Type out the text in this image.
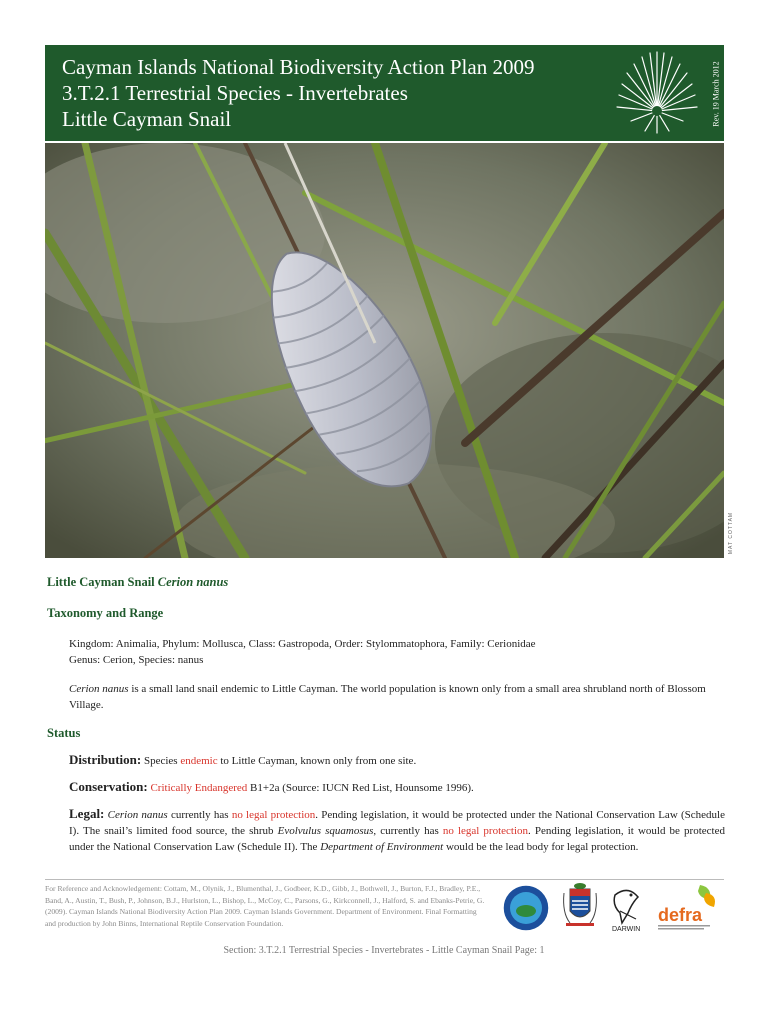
Cayman Islands National Biodiversity Action Plan 2009
3.T.2.1 Terrestrial Species - Invertebrates
Little Cayman Snail	Rev. 19 March 2012
MAT COTTAM
Little Cayman Snail Cerion nanus
Taxonomy and Range
Kingdom: Animalia, Phylum: Mollusca, Class: Gastropoda, Order: Stylommatophora, Family: Cerionidae
Genus: Cerion, Species: nanus
Cerion nanus is a small land snail endemic to Little Cayman. The world population is known only from a small area shrubland north of Blossom Village.
Status
Distribution: Species endemic to Little Cayman, known only from one site.
Conservation: Critically Endangered B1+2a (Source: IUCN Red List, Hounsome 1996).
Legal: Cerion nanus currently has no legal protection. Pending legislation, it would be protected under the National Conservation Law (Schedule I). The snail’s limited food source, the shrub Evolvulus squamosus, currently has no legal protection. Pending legislation, it would be protected under the National Conservation Law (Schedule II). The Department of Environment would be the lead body for legal protection.
For Reference and Acknowledgement: Cottam, M., Olynik, J., Blumenthal, J., Godbeer, K.D., Gibb, J., Bothwell, J., Burton, F.J., Bradley, P.E., Band, A., Austin, T., Bush, P., Johnson, B.J., Hurlston, L., Bishop, L., McCoy, C., Parsons, G., Kirkconnell, J., Halford, S. and Ebanks-Petrie, G. (2009). Cayman Islands National Biodiversity Action Plan 2009. Cayman Islands Government. Department of Environment. Final Formatting and production by John Binns, International Reptile Conservation Foundation.
DARWIN
defra
Section: 3.T.2.1 Terrestrial Species - Invertebrates - Little Cayman Snail Page: 1
